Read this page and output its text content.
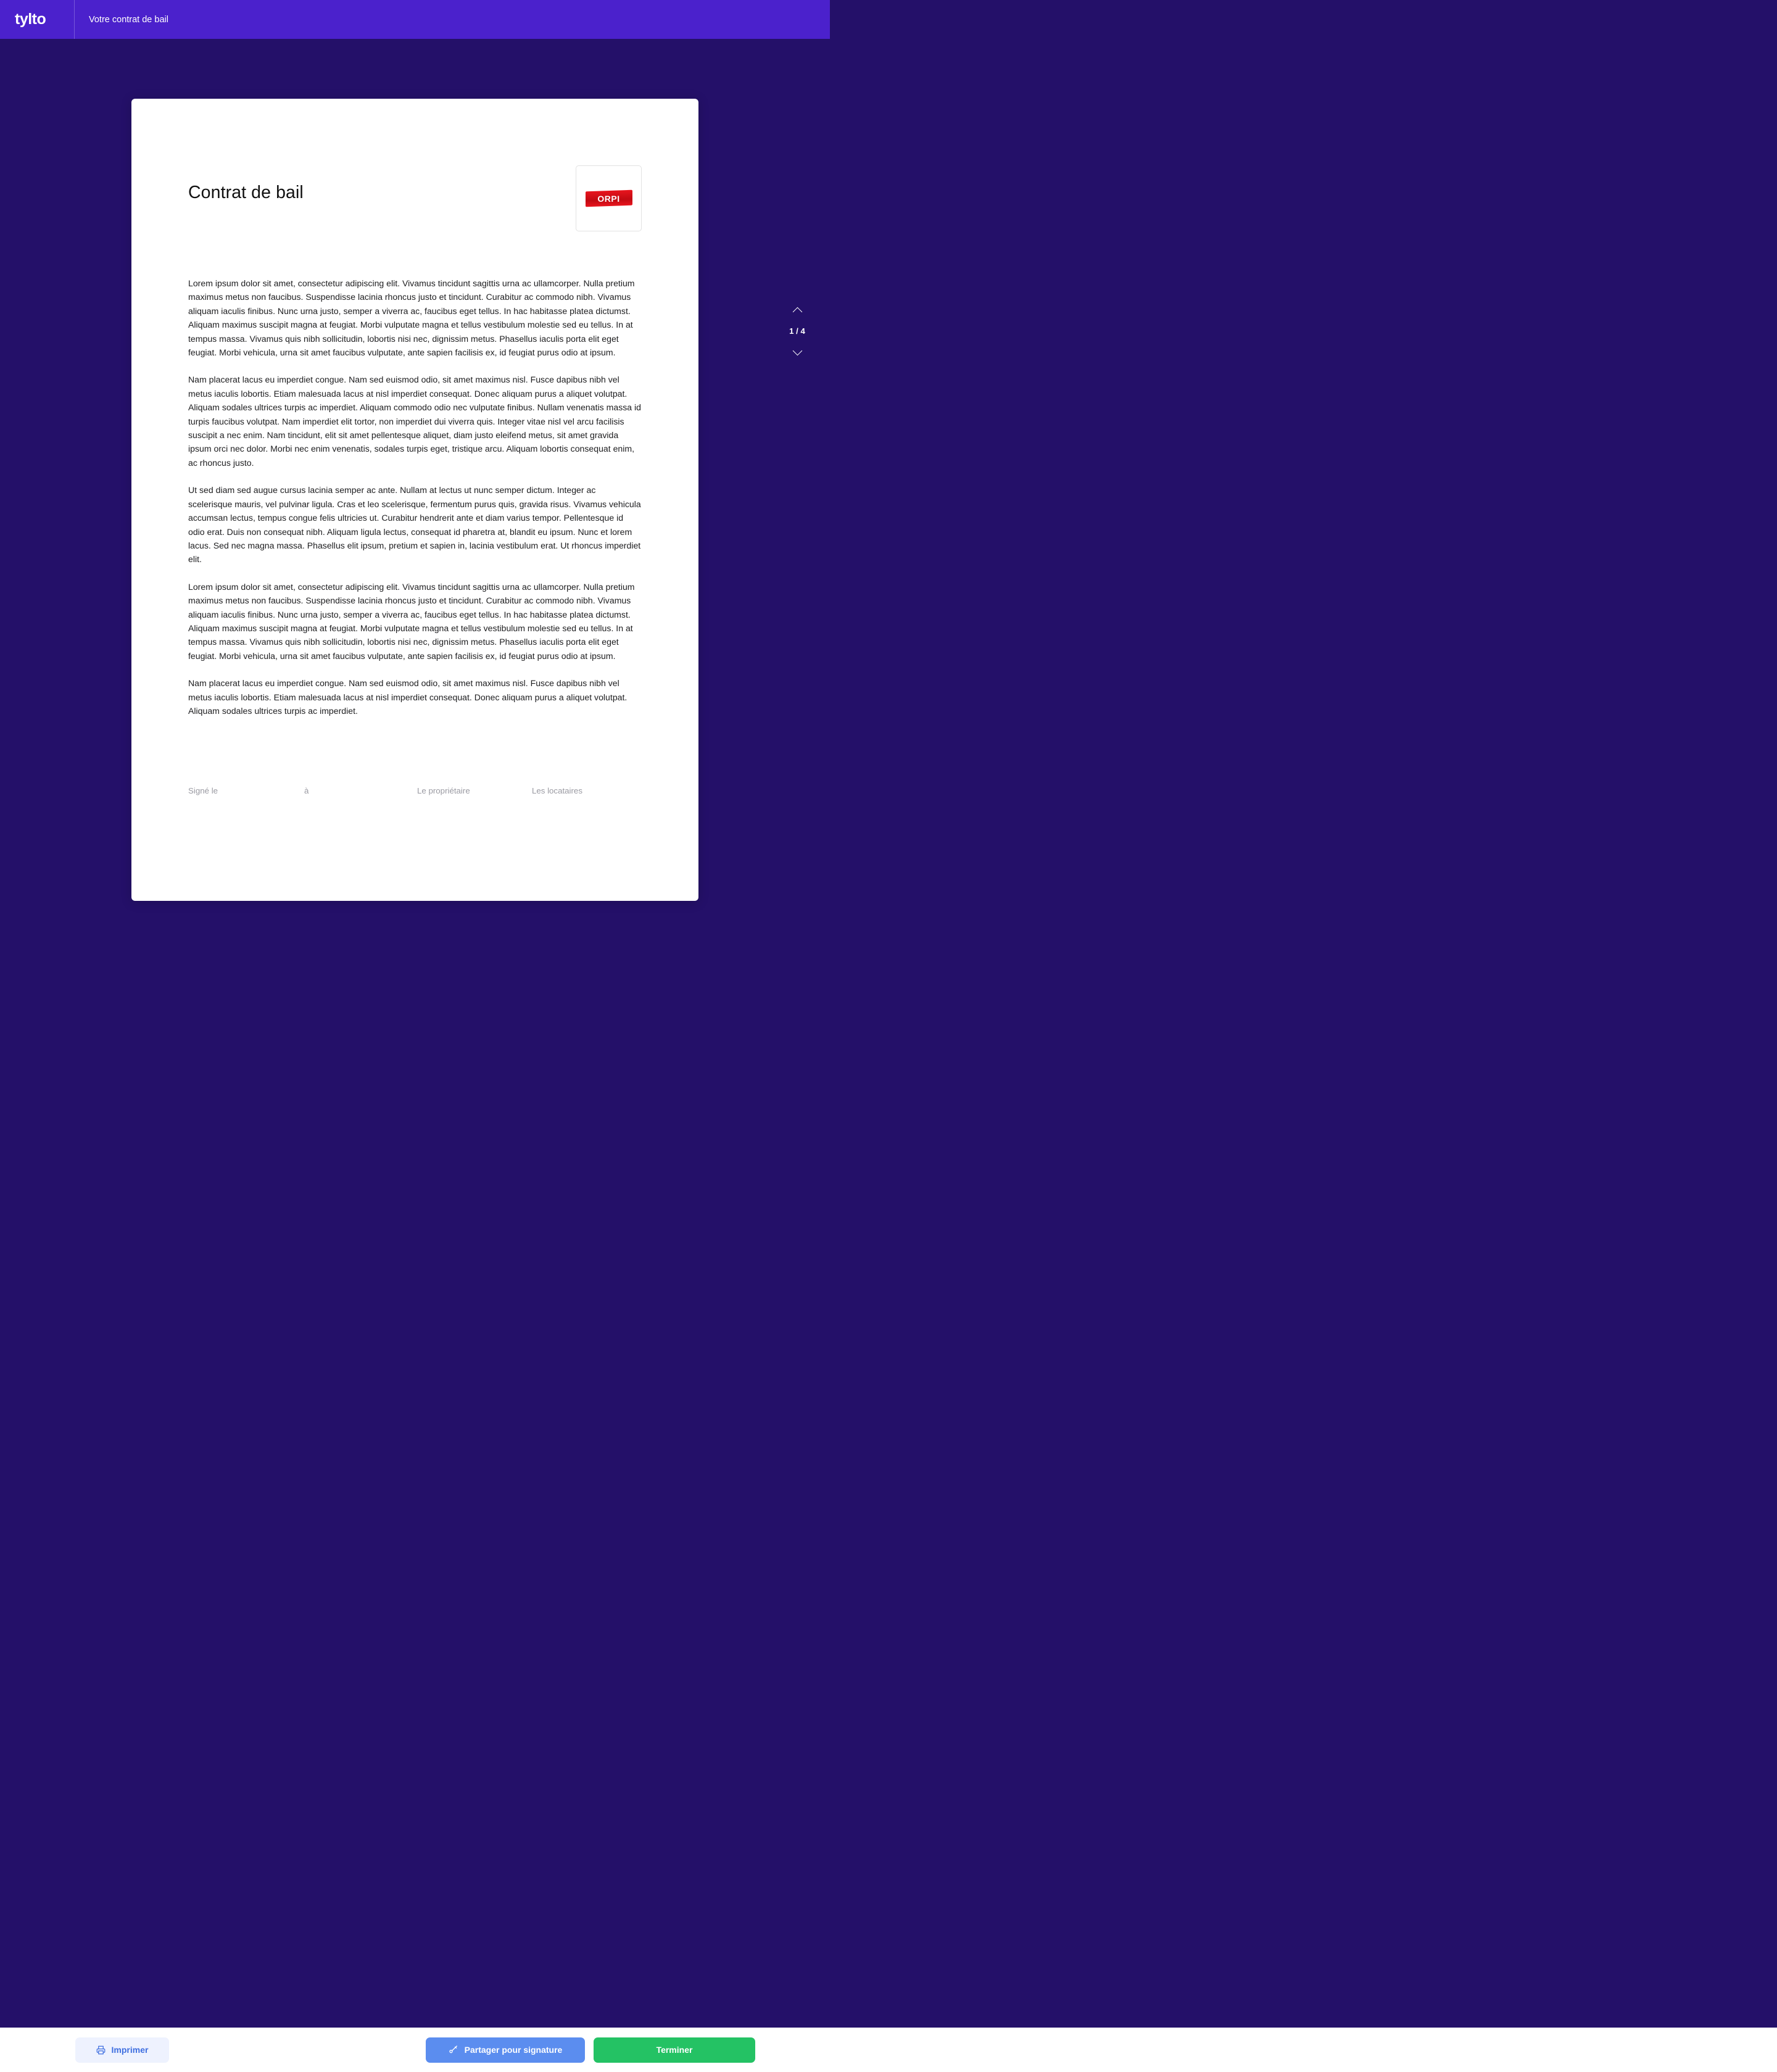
tylto	Votre contrat de bail
Contrat de bail	ORPI

Lorem ipsum dolor sit amet, consectetur adipiscing elit. Vivamus tincidunt sagittis urna ac ullamcorper. Nulla pretium maximus metus non faucibus. Suspendisse lacinia rhoncus justo et tincidunt. Curabitur ac commodo nibh. Vivamus aliquam iaculis finibus. Nunc urna justo, semper a viverra ac, faucibus eget tellus. In hac habitasse platea dictumst. Aliquam maximus suscipit magna at feugiat. Morbi vulputate magna et tellus vestibulum molestie sed eu tellus. In at tempus massa. Vivamus quis nibh sollicitudin, lobortis nisi nec, dignissim metus. Phasellus iaculis porta elit eget feugiat. Morbi vehicula, urna sit amet faucibus vulputate, ante sapien facilisis ex, id feugiat purus odio at ipsum.

Nam placerat lacus eu imperdiet congue. Nam sed euismod odio, sit amet maximus nisl. Fusce dapibus nibh vel metus iaculis lobortis. Etiam malesuada lacus at nisl imperdiet consequat. Donec aliquam purus a aliquet volutpat. Aliquam sodales ultrices turpis ac imperdiet. Aliquam commodo odio nec vulputate finibus. Nullam venenatis massa id turpis faucibus volutpat. Nam imperdiet elit tortor, non imperdiet dui viverra quis. Integer vitae nisl vel arcu facilisis suscipit a nec enim. Nam tincidunt, elit sit amet pellentesque aliquet, diam justo eleifend metus, sit amet gravida ipsum orci nec dolor. Morbi nec enim venenatis, sodales turpis eget, tristique arcu. Aliquam lobortis consequat enim, ac rhoncus justo.

Ut sed diam sed augue cursus lacinia semper ac ante. Nullam at lectus ut nunc semper dictum. Integer ac scelerisque mauris, vel pulvinar ligula. Cras et leo scelerisque, fermentum purus quis, gravida risus. Vivamus vehicula accumsan lectus, tempus congue felis ultricies ut. Curabitur hendrerit ante et diam varius tempor. Pellentesque id odio erat. Duis non consequat nibh. Aliquam ligula lectus, consequat id pharetra at, blandit eu ipsum. Nunc et lorem lacus. Sed nec magna massa. Phasellus elit ipsum, pretium et sapien in, lacinia vestibulum erat. Ut rhoncus imperdiet elit.

Lorem ipsum dolor sit amet, consectetur adipiscing elit. Vivamus tincidunt sagittis urna ac ullamcorper. Nulla pretium maximus metus non faucibus. Suspendisse lacinia rhoncus justo et tincidunt. Curabitur ac commodo nibh. Vivamus aliquam iaculis finibus. Nunc urna justo, semper a viverra ac, faucibus eget tellus. In hac habitasse platea dictumst. Aliquam maximus suscipit magna at feugiat. Morbi vulputate magna et tellus vestibulum molestie sed eu tellus. In at tempus massa. Vivamus quis nibh sollicitudin, lobortis nisi nec, dignissim metus. Phasellus iaculis porta elit eget feugiat. Morbi vehicula, urna sit amet faucibus vulputate, ante sapien facilisis ex, id feugiat purus odio at ipsum.

Nam placerat lacus eu imperdiet congue. Nam sed euismod odio, sit amet maximus nisl. Fusce dapibus nibh vel metus iaculis lobortis. Etiam malesuada lacus at nisl imperdiet consequat. Donec aliquam purus a aliquet volutpat. Aliquam sodales ultrices turpis ac imperdiet.

Signé le	à	Le propriétaire	Les locataires
1 / 4
Imprimer	Partager pour signature	Terminer
